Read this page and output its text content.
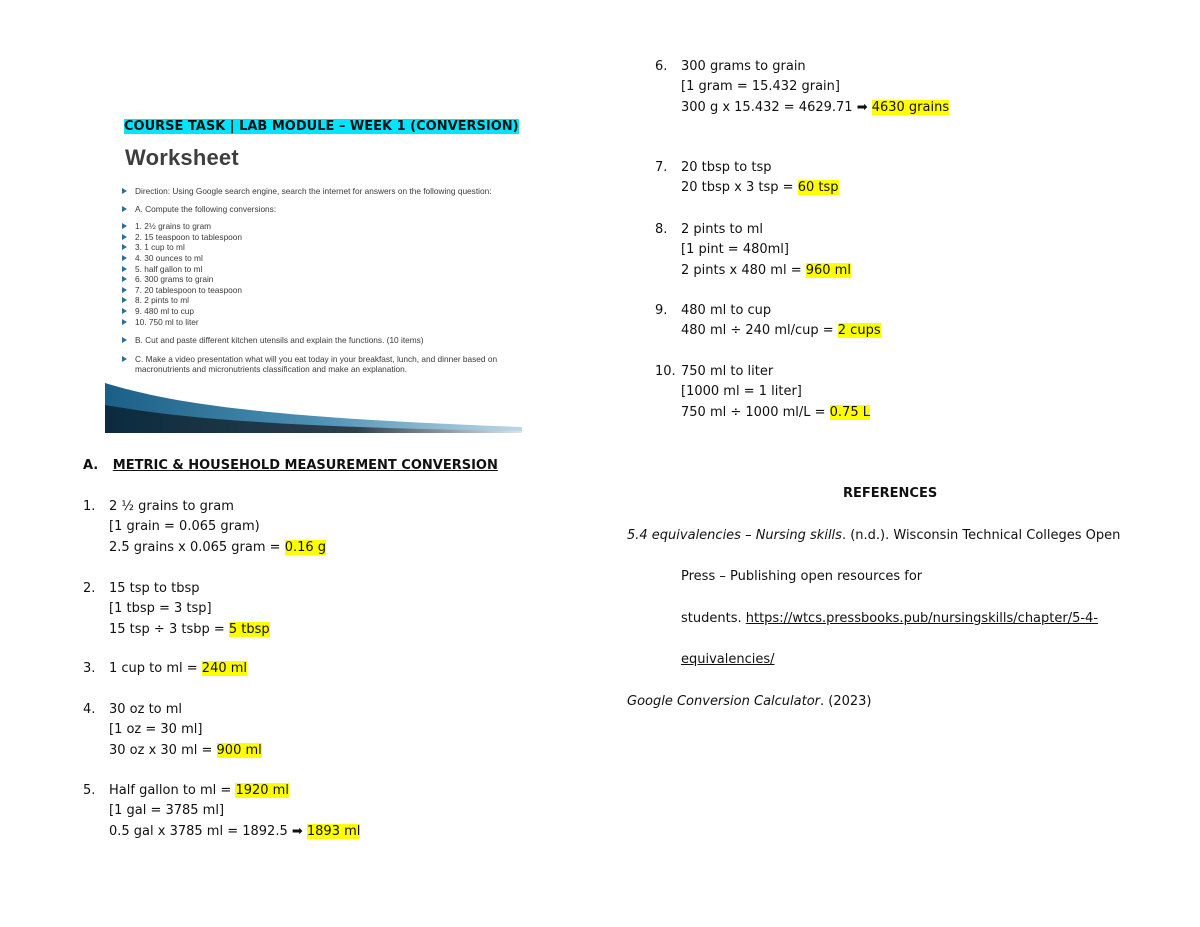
COURSE TASK | LAB MODULE – WEEK 1 (CONVERSION)
Worksheet
Direction: Using Google search engine, search the internet for answers on the following question:
A. Compute the following conversions:
1. 2½ grains to gram
2. 15 teaspoon to tablespoon
3. 1 cup to ml
4. 30 ounces to ml
5. half gallon to ml
6. 300 grams to grain
7. 20 tablespoon to teaspoon
8. 2 pints to ml
9. 480 ml to cup
10. 750 ml to liter
B. Cut and paste different kitchen utensils and explain the functions. (10 items)
C. Make a video presentation what will you eat today in your breakfast, lunch, and dinner based on macronutrients and micronutrients classification and make an explanation.
A. METRIC & HOUSEHOLD MEASUREMENT CONVERSION
1. 2 ½ grains to gram
[1 grain = 0.065 gram)
2.5 grains x 0.065 gram = 0.16 g
2. 15 tsp to tbsp
[1 tbsp = 3 tsp]
15 tsp ÷ 3 tsbp = 5 tbsp
3. 1 cup to ml = 240 ml
4. 30 oz to ml
[1 oz = 30 ml]
30 oz x 30 ml = 900 ml
5. Half gallon to ml = 1920 ml
[1 gal = 3785 ml]
0.5 gal x 3785 ml = 1892.5 ➡ 1893 ml
6. 300 grams to grain
[1 gram = 15.432 grain]
300 g x 15.432 = 4629.71 ➡ 4630 grains
7. 20 tbsp to tsp
20 tbsp x 3 tsp = 60 tsp
8. 2 pints to ml
[1 pint = 480ml]
2 pints x 480 ml = 960 ml
9. 480 ml to cup
480 ml ÷ 240 ml/cup = 2 cups
10. 750 ml to liter
[1000 ml = 1 liter]
750 ml ÷ 1000 ml/L = 0.75 L
REFERENCES
5.4 equivalencies – Nursing skills. (n.d.). Wisconsin Technical Colleges Open
Press – Publishing open resources for
students. https://wtcs.pressbooks.pub/nursingskills/chapter/5-4-
equivalencies/
Google Conversion Calculator. (2023)
